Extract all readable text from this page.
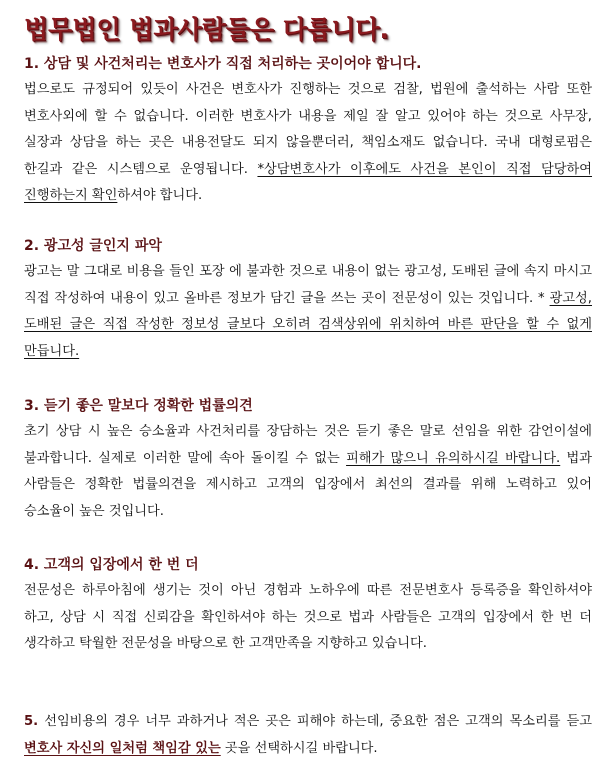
법무법인 법과사람들은 다릅니다.
1. 상담 및 사건처리는 변호사가 직접 처리하는 곳이어야 합니다.
법으로도 규정되어 있듯이 사건은 변호사가 진행하는 것으로 검찰, 법원에 출석하는 사람 또한 변호사외에 할 수 없습니다. 이러한 변호사가 내용을 제일 잘 알고 있어야 하는 것으로 사무장, 실장과 상담을 하는 곳은 내용전달도 되지 않을뿐더러, 책임소재도 없습니다. 국내 대형로펌은 한길과 같은 시스템으로 운영됩니다. *상담변호사가 이후에도 사건을 본인이 직접 담당하여 진행하는지 확인하셔야 합니다.
2. 광고성 글인지 파악
광고는 말 그대로 비용을 들인 포장 에 불과한 것으로 내용이 없는 광고성, 도배된 글에 속지 마시고 직접 작성하여 내용이 있고 올바른 정보가 담긴 글을 쓰는 곳이 전문성이 있는 것입니다. * 광고성, 도배된 글은 직접 작성한 정보성 글보다 오히려 검색상위에 위치하여 바른 판단을 할 수 없게 만듭니다.
3. 듣기 좋은 말보다 정확한 법률의견
초기 상담 시 높은 승소율과 사건처리를 장담하는 것은 듣기 좋은 말로 선임을 위한 감언이설에 불과합니다. 실제로 이러한 말에 속아 돌이킬 수 없는 피해가 많으니 유의하시길 바랍니다. 법과 사람들은 정확한 법률의견을 제시하고 고객의 입장에서 최선의 결과를 위해 노력하고 있어 승소율이 높은 것입니다.
4. 고객의 입장에서 한 번 더
전문성은 하루아침에 생기는 것이 아닌 경험과 노하우에 따른 전문변호사 등록증을 확인하셔야 하고, 상담 시 직접 신뢰감을 확인하셔야 하는 것으로 법과 사람들은 고객의 입장에서 한 번 더 생각하고 탁월한 전문성을 바탕으로 한 고객만족을 지향하고 있습니다.
5. 선임비용의 경우 너무 과하거나 적은 곳은 피해야 하는데, 중요한 점은 고객의 목소리를 듣고 변호사 자신의 일처럼 책임감 있는 곳을 선택하시길 바랍니다.
